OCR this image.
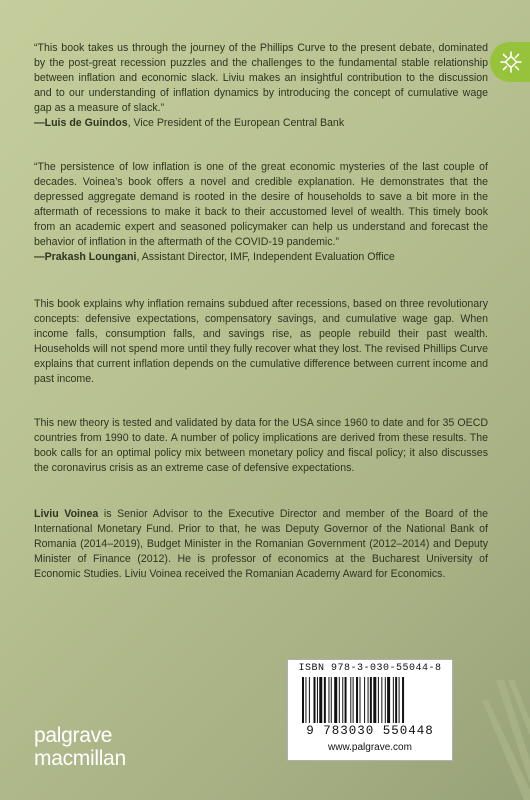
“This book takes us through the journey of the Phillips Curve to the present debate, dominated by the post-great recession puzzles and the challenges to the fundamental stable relationship between inflation and economic slack. Liviu makes an insightful contribution to the discussion and to our understanding of inflation dynamics by introducing the concept of cumulative wage gap as a measure of slack.”

—Luis de Guindos, Vice President of the European Central Bank

“The persistence of low inflation is one of the great economic mysteries of the last couple of decades. Voinea’s book offers a novel and credible explanation. He demonstrates that the depressed aggregate demand is rooted in the desire of households to save a bit more in the aftermath of recessions to make it back to their accustomed level of wealth. This timely book from an academic expert and seasoned policymaker can help us understand and forecast the behavior of inflation in the aftermath of the COVID-19 pandemic.”

—Prakash Loungani, Assistant Director, IMF, Independent Evaluation Office

This book explains why inflation remains subdued after recessions, based on three revolutionary concepts: defensive expectations, compensatory savings, and cumulative wage gap. When income falls, consumption falls, and savings rise, as people rebuild their past wealth. Households will not spend more until they fully recover what they lost. The revised Phillips Curve explains that current inflation depends on the cumulative difference between current income and past income.

This new theory is tested and validated by data for the USA since 1960 to date and for 35 OECD countries from 1990 to date. A number of policy implications are derived from these results. The book calls for an optimal policy mix between monetary policy and fiscal policy; it also discusses the coronavirus crisis as an extreme case of defensive expectations.

Liviu Voinea is Senior Advisor to the Executive Director and member of the Board of the International Monetary Fund. Prior to that, he was Deputy Governor of the National Bank of Romania (2014–2019), Budget Minister in the Romanian Government (2012–2014) and Deputy Minister of Finance (2012). He is professor of economics at the Bucharest University of Economic Studies. Liviu Voinea received the Romanian Academy Award for Economics.

ISBN 978-3-030-55044-8
9 783030 550448
www.palgrave.com
palgrave
macmillan
